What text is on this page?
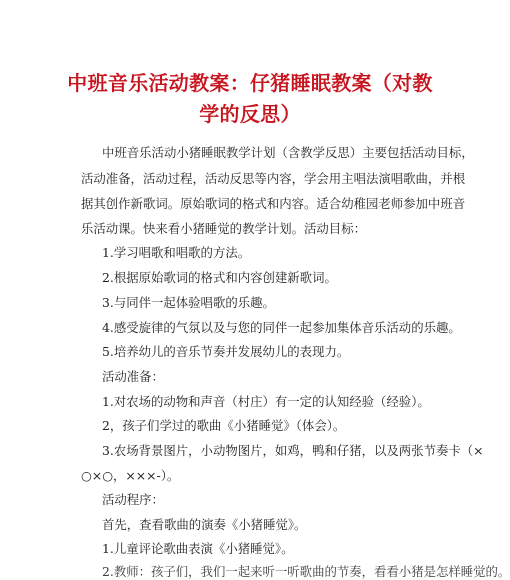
中班音乐活动教案：仔猪睡眠教案（对教
学的反思）
中班音乐活动小猪睡眠教学计划（含教学反思）主要包括活动目标，
活动准备，活动过程，活动反思等内容，学会用主唱法演唱歌曲，并根
据其创作新歌词。原始歌词的格式和内容。适合幼稚园老师参加中班音
乐活动课。快来看小猪睡觉的教学计划。活动目标：
1.学习唱歌和唱歌的方法。
2.根据原始歌词的格式和内容创建新歌词。
3.与同伴一起体验唱歌的乐趣。
4.感受旋律的气氛以及与您的同伴一起参加集体音乐活动的乐趣。
5.培养幼儿的音乐节奏并发展幼儿的表现力。
活动准备：
1.对农场的动物和声音（村庄）有一定的认知经验（经验）。
2，孩子们学过的歌曲《小猪睡觉》（体会）。
3.农场背景图片，小动物图片，如鸡，鸭和仔猪，以及两张节奏卡（×
○×○，×××-）。
活动程序：
首先，查看歌曲的演奏《小猪睡觉》。
1.儿童评论歌曲表演《小猪睡觉》。
2.教师：孩子们，我们一起来听一听歌曲的节奏，看看小猪是怎样睡觉的。
